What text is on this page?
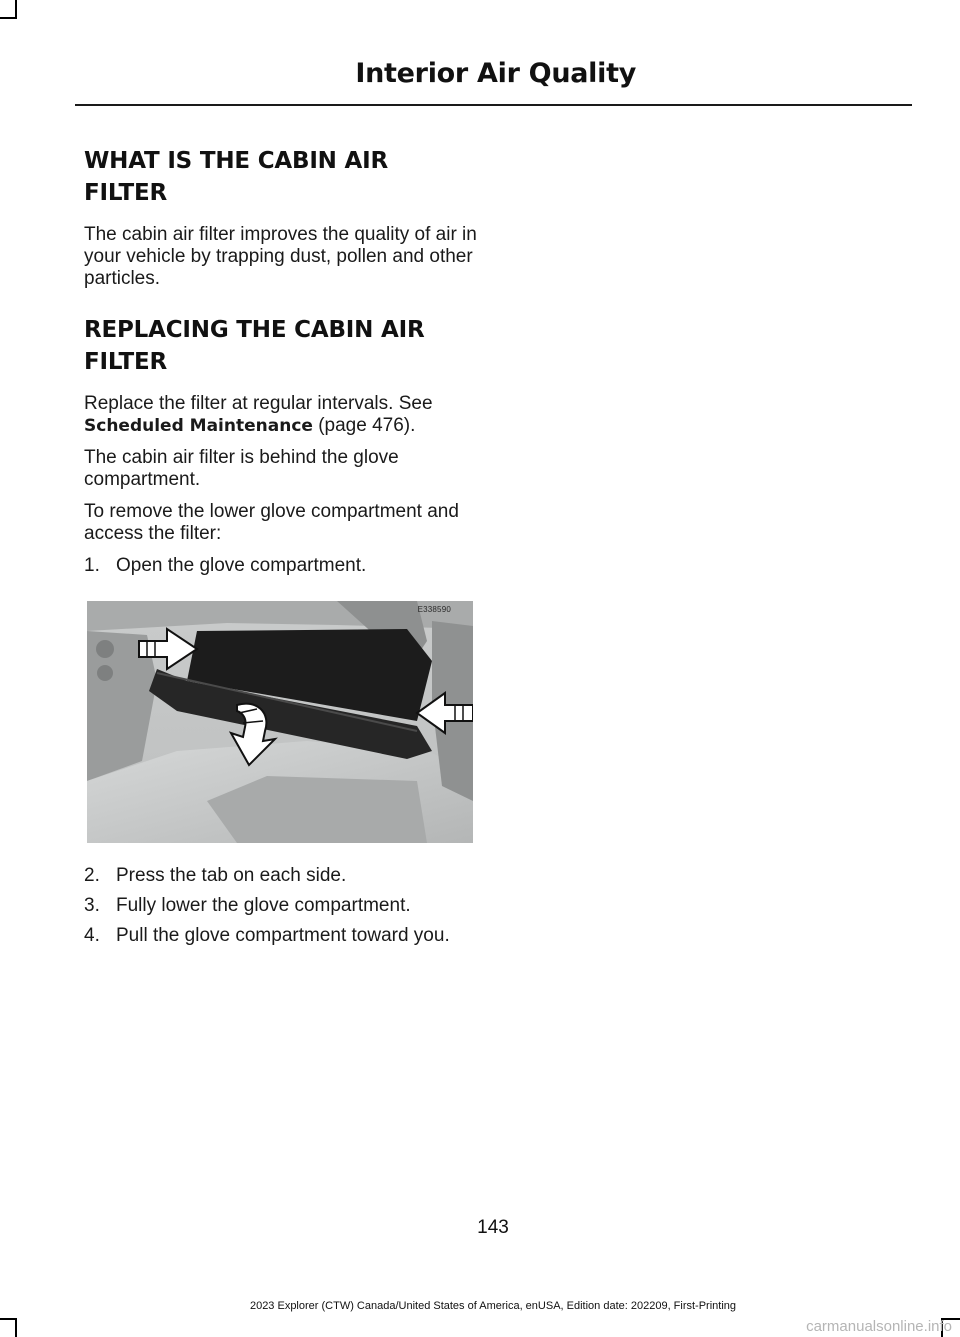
Interior Air Quality
WHAT IS THE CABIN AIR
FILTER

The cabin air filter improves the quality of air in your vehicle by trapping dust, pollen and other particles.

REPLACING THE CABIN AIR
FILTER

Replace the filter at regular intervals. See Scheduled Maintenance (page 476).

The cabin air filter is behind the glove compartment.

To remove the lower glove compartment and access the filter:

1. Open the glove compartment.
E338590
2. Press the tab on each side.
3. Fully lower the glove compartment.
4. Pull the glove compartment toward you.
143
2023 Explorer (CTW) Canada/United States of America, enUSA, Edition date: 202209, First-Printing
carmanualsonline.info
